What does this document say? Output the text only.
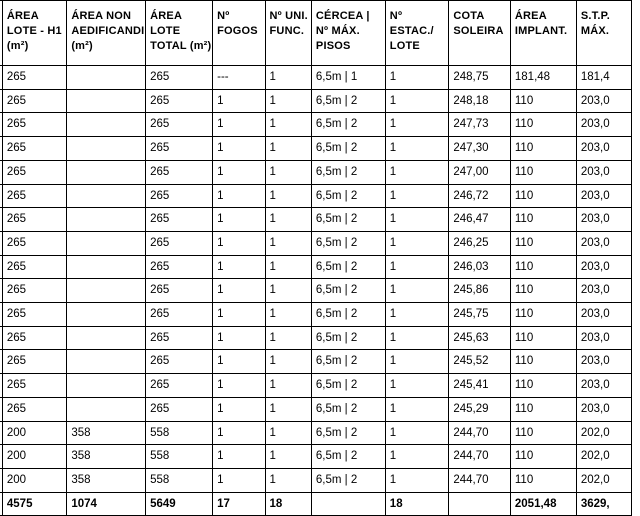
	ÁREA LOTE - H1 (m²)	ÁREA NON AEDIFICANDI (m²)	ÁREA LOTE TOTAL (m²)	Nº FOGOS	Nº UNI. FUNC.	CÉRCEA | Nº MÁX. PISOS	Nº ESTAC./ LOTE	COTA SOLEIRA	ÁREA IMPLANT.	S.T.P. MÁX.

	265		265	---	1	6,5m | 1	1	248,75	181,48	181,4
	265		265	1	1	6,5m | 2	1	248,18	110	203,0
	265		265	1	1	6,5m | 2	1	247,73	110	203,0
	265		265	1	1	6,5m | 2	1	247,30	110	203,0
	265		265	1	1	6,5m | 2	1	247,00	110	203,0
	265		265	1	1	6,5m | 2	1	246,72	110	203,0
	265		265	1	1	6,5m | 2	1	246,47	110	203,0
	265		265	1	1	6,5m | 2	1	246,25	110	203,0
	265		265	1	1	6,5m | 2	1	246,03	110	203,0
	265		265	1	1	6,5m | 2	1	245,86	110	203,0
	265		265	1	1	6,5m | 2	1	245,75	110	203,0
	265		265	1	1	6,5m | 2	1	245,63	110	203,0
	265		265	1	1	6,5m | 2	1	245,52	110	203,0
	265		265	1	1	6,5m | 2	1	245,41	110	203,0
	265		265	1	1	6,5m | 2	1	245,29	110	203,0
	200	358	558	1	1	6,5m | 2	1	244,70	110	202,0
	200	358	558	1	1	6,5m | 2	1	244,70	110	202,0
	200	358	558	1	1	6,5m | 2	1	244,70	110	202,0
	4575	1074	5649	17	18		18		2051,48	3629,
